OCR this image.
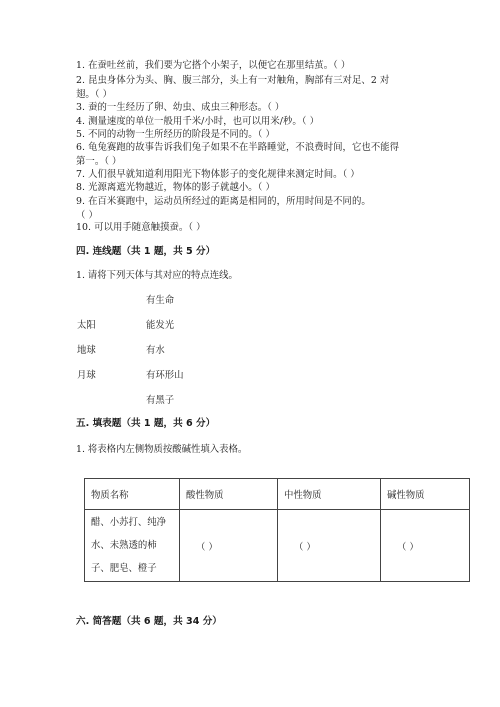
1. 在蚕吐丝前，我们要为它搭个小架子，以便它在那里结茧。（ ）
2. 昆虫身体分为头、胸、腹三部分，头上有一对触角，胸部有三对足、2 对
翅。（ ）
3. 蚕的一生经历了卵、幼虫、成虫三种形态。（ ）
4. 测量速度的单位一般用千米/小时，也可以用米/秒。（ ）
5. 不同的动物一生所经历的阶段是不同的。（ ）
6. 龟兔赛跑的故事告诉我们兔子如果不在半路睡觉，不浪费时间，它也不能得
第一。（ ）
7. 人们很早就知道利用阳光下物体影子的变化规律来测定时间。（ ）
8. 光源离遮光物越近，物体的影子就越小。（ ）
9. 在百米赛跑中，运动员所经过的距离是相同的，所用时间是不同的。
（ ）
10. 可以用手随意触摸蚕。（ ）
四. 连线题（共 1 题，共 5 分）
1. 请将下列天体与其对应的特点连线。
有生命
太阳	能发光
地球	有水
月球	有环形山
有黑子
五. 填表题（共 1 题，共 6 分）
1. 将表格内左侧物质按酸碱性填入表格。
物质名称	酸性物质	中性物质	碱性物质

醋、小苏打、纯净
水、未熟透的柿
子、肥皂、橙子	（ ）	（ ）	（ ）
六. 简答题（共 6 题，共 34 分）
